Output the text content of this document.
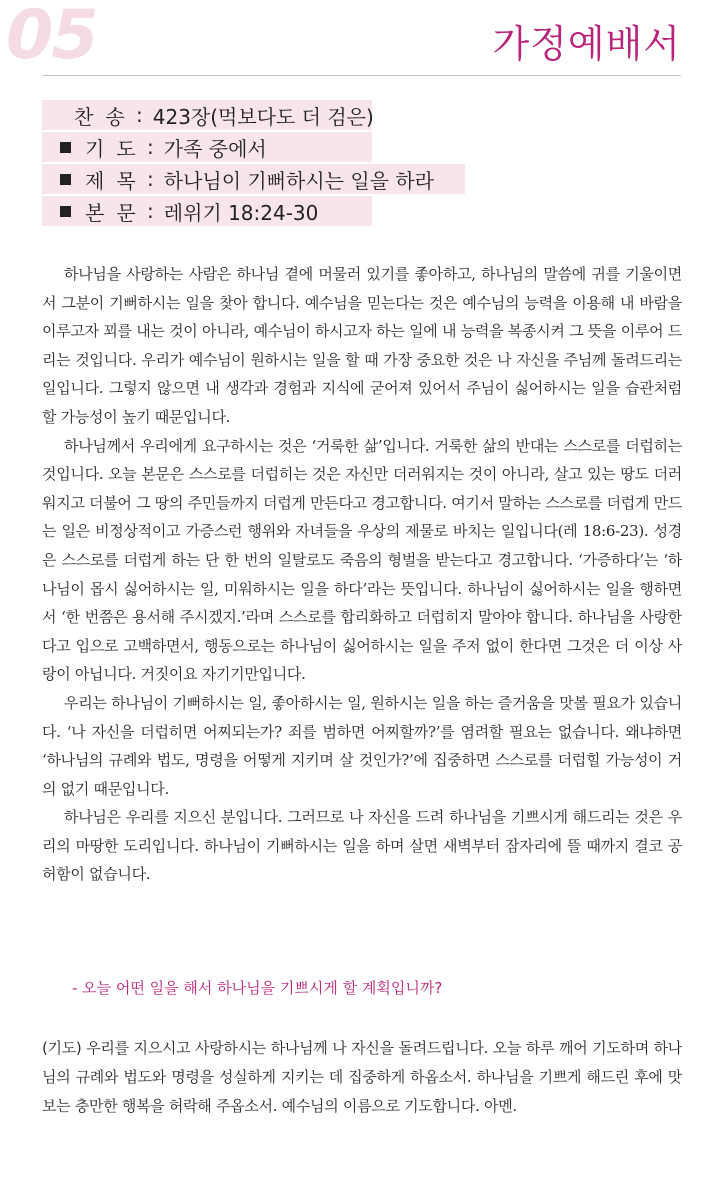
05	가정예배서
찬송 : 423장(먹보다도 더 검은)
기도 : 가족 중에서
제목 : 하나님이 기뻐하시는 일을 하라
본문 : 레위기 18:24-30

하나님을 사랑하는 사람은 하나님 곁에 머물러 있기를 좋아하고, 하나님의 말씀에 귀를 기울이면서 그분이 기뻐하시는 일을 찾아 합니다. 예수님을 믿는다는 것은 예수님의 능력을 이용해 내 바람을 이루고자 꾀를 내는 것이 아니라, 예수님이 하시고자 하는 일에 내 능력을 복종시켜 그 뜻을 이루어 드리는 것입니다. 우리가 예수님이 원하시는 일을 할 때 가장 중요한 것은 나 자신을 주님께 돌려드리는 일입니다. 그렇지 않으면 내 생각과 경험과 지식에 굳어져 있어서 주님이 싫어하시는 일을 습관처럼 할 가능성이 높기 때문입니다.

하나님께서 우리에게 요구하시는 것은 ‘거룩한 삶’입니다. 거룩한 삶의 반대는 스스로를 더럽히는 것입니다. 오늘 본문은 스스로를 더럽히는 것은 자신만 더러워지는 것이 아니라, 살고 있는 땅도 더러워지고 더불어 그 땅의 주민들까지 더럽게 만든다고 경고합니다. 여기서 말하는 스스로를 더럽게 만드는 일은 비정상적이고 가증스런 행위와 자녀들을 우상의 제물로 바치는 일입니다(레 18:6-23). 성경은 스스로를 더럽게 하는 단 한 번의 일탈로도 죽음의 형벌을 받는다고 경고합니다. ‘가증하다’는 ‘하나님이 몹시 싫어하시는 일, 미워하시는 일을 하다’라는 뜻입니다. 하나님이 싫어하시는 일을 행하면서 ‘한 번쯤은 용서해 주시겠지.’라며 스스로를 합리화하고 더럽히지 말아야 합니다. 하나님을 사랑한다고 입으로 고백하면서, 행동으로는 하나님이 싫어하시는 일을 주저 없이 한다면 그것은 더 이상 사랑이 아닙니다. 거짓이요 자기기만입니다.

우리는 하나님이 기뻐하시는 일, 좋아하시는 일, 원하시는 일을 하는 즐거움을 맛볼 필요가 있습니다. ‘나 자신을 더럽히면 어찌되는가? 죄를 범하면 어찌할까?’를 염려할 필요는 없습니다. 왜냐하면 ‘하나님의 규례와 법도, 명령을 어떻게 지키며 살 것인가?’에 집중하면 스스로를 더럽힐 가능성이 거의 없기 때문입니다.

하나님은 우리를 지으신 분입니다. 그러므로 나 자신을 드려 하나님을 기쁘시게 해드리는 것은 우리의 마땅한 도리입니다. 하나님이 기뻐하시는 일을 하며 살면 새벽부터 잠자리에 뜰 때까지 결코 공허함이 없습니다.

- 오늘 어떤 일을 해서 하나님을 기쁘시게 할 계획입니까?
(기도) 우리를 지으시고 사랑하시는 하나님께 나 자신을 돌려드립니다. 오늘 하루 깨어 기도하며 하나님의 규례와 법도와 명령을 성실하게 지키는 데 집중하게 하옵소서. 하나님을 기쁘게 해드린 후에 맛보는 충만한 행복을 허락해 주옵소서. 예수님의 이름으로 기도합니다. 아멘.
